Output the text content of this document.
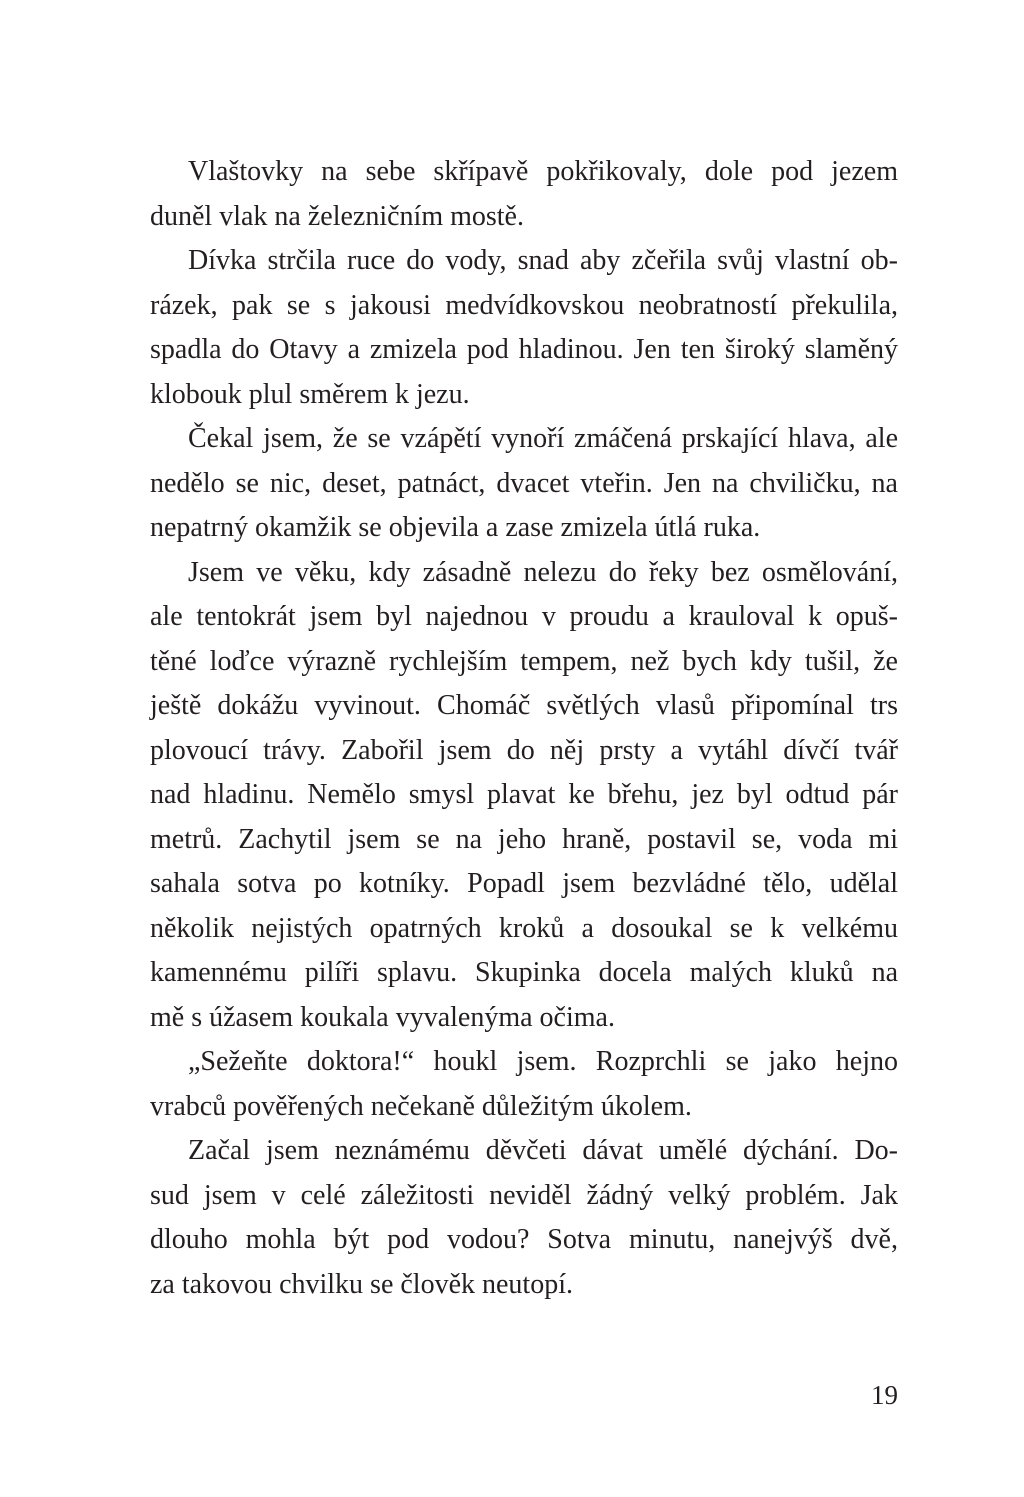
Vlaštovky na sebe skřípavě pokřikovaly, dole pod jezem
duněl vlak na železničním mostě.
Dívka strčila ruce do vody, snad aby zčeřila svůj vlastní ob-
rázek, pak se s jakousi medvídkovskou neobratností překulila,
spadla do Otavy a zmizela pod hladinou. Jen ten široký slaměný
klobouk plul směrem k jezu.
Čekal jsem, že se vzápětí vynoří zmáčená prskající hlava, ale
nedělo se nic, deset, patnáct, dvacet vteřin. Jen na chviličku, na
nepatrný okamžik se objevila a zase zmizela útlá ruka.
Jsem ve věku, kdy zásadně nelezu do řeky bez osmělování,
ale tentokrát jsem byl najednou v proudu a krauloval k opuš-
těné loďce výrazně rychlejším tempem, než bych kdy tušil, že
ještě dokážu vyvinout. Chomáč světlých vlasů připomínal trs
plovoucí trávy. Zabořil jsem do něj prsty a vytáhl dívčí tvář
nad hladinu. Nemělo smysl plavat ke břehu, jez byl odtud pár
metrů. Zachytil jsem se na jeho hraně, postavil se, voda mi
sahala sotva po kotníky. Popadl jsem bezvládné tělo, udělal
několik nejistých opatrných kroků a dosoukal se k velkému
kamennému pilíři splavu. Skupinka docela malých kluků na
mě s úžasem koukala vyvalenýma očima.
„Sežeňte doktora!“ houkl jsem. Rozprchli se jako hejno
vrabců pověřených nečekaně důležitým úkolem.
Začal jsem neznámému děvčeti dávat umělé dýchání. Do-
sud jsem v celé záležitosti neviděl žádný velký problém. Jak
dlouho mohla být pod vodou? Sotva minutu, nanejvýš dvě,
za takovou chvilku se člověk neutopí.
19
